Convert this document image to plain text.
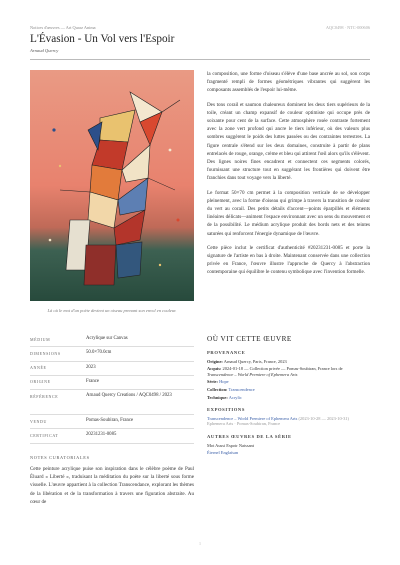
Notices d'œuvres — Art Quarz Anima	AQC0498 · NTC-000606
L'Évasion - Un Vol vers l'Espoir
Arnaud Quercy
Là où le mot d'un poète devient un oiseau prenant son envol en couleur.
MÉDIUM	Acrylique sur Canvas
DIMENSIONS	50.0×70.0cm
ANNÉE	2023
ORIGINE	France
RÉFÉRENCE	Arnaud Quercy Creations / AQC0498 / 2023
VENDU	Pomas-Soubiran, France
CERTIFICAT	20231231-0085
NOTES CURATORIALES
Cette peinture acrylique puise son inspiration dans le célèbre poème de Paul Éluard « Liberté », traduisant la méditation du poète sur la liberté sous forme visuelle. L'œuvre appartient à la collection Transcendance, explorant les thèmes de la libération et de la transformation à travers une figuration abstraite. Au cœur de

la composition, une forme d'oiseau s'élève d'une base ancrée au sol, son corps fragmenté rempli de formes géométriques vibrantes qui suggèrent les composants assemblés de l'espoir lui-même.

Des tons corail et saumon chaleureux dominent les deux tiers supérieurs de la toile, créant un champ expansif de couleur optimiste qui occupe près de soixante pour cent de la surface. Cette atmosphère rosée contraste fortement avec la zone vert profond qui ancre le tiers inférieur, où des valeurs plus sombres suggèrent le poids des luttes passées ou des contraintes terrestres. La figure centrale s'étend sur les deux domaines, construite à partir de plans entrelacés de rouge, orange, crème et bleu qui attirent l'œil alors qu'ils s'élèvent. Des lignes noires fines encadrent et connectent ces segments colorés, fournissant une structure tout en suggérant les frontières qui doivent être franchies dans tout voyage vers la liberté.

Le format 50×70 cm permet à la composition verticale de se développer pleinement, avec la forme d'oiseau qui grimpe à travers la transition de couleur du vert au corail. Des petits détails d'accent—points éparpillés et éléments linéaires délicats—animent l'espace environnant avec un sens du mouvement et de la possibilité. Le médium acrylique produit des bords nets et des teintes saturées qui renforcent l'énergie dynamique de l'œuvre.

Cette pièce inclut le certificat d'authenticité #20231231-0085 et porte la signature de l'artiste en bas à droite. Maintenant conservée dans une collection privée en France, l'œuvre illustre l'approche de Quercy à l'abstraction contemporaine qui équilibre le contenu symbolique avec l'invention formelle.

OÙ VIT CETTE ŒUVRE
PROVENANCE
Origine: Arnaud Quercy, Paris, France, 2023
Acquis: 2024-01-18 — Collection privée — Pomas-Soubiran, France lors de Transcendence – World Premiere of Ephemera Arts
Série: Hope
Collection: Transcendence
Technique: Acrylic
EXPOSITIONS
Transcendence – World Premiere of Ephemera Arts (2023-10-28 — 2023-10-31)
Ephemera Arts · Pomas-Soubiran, France
AUTRES ŒUVRES DE LA SÉRIE
Mot Aussi Espoir Naissant
Éternel Englaïsan
1
